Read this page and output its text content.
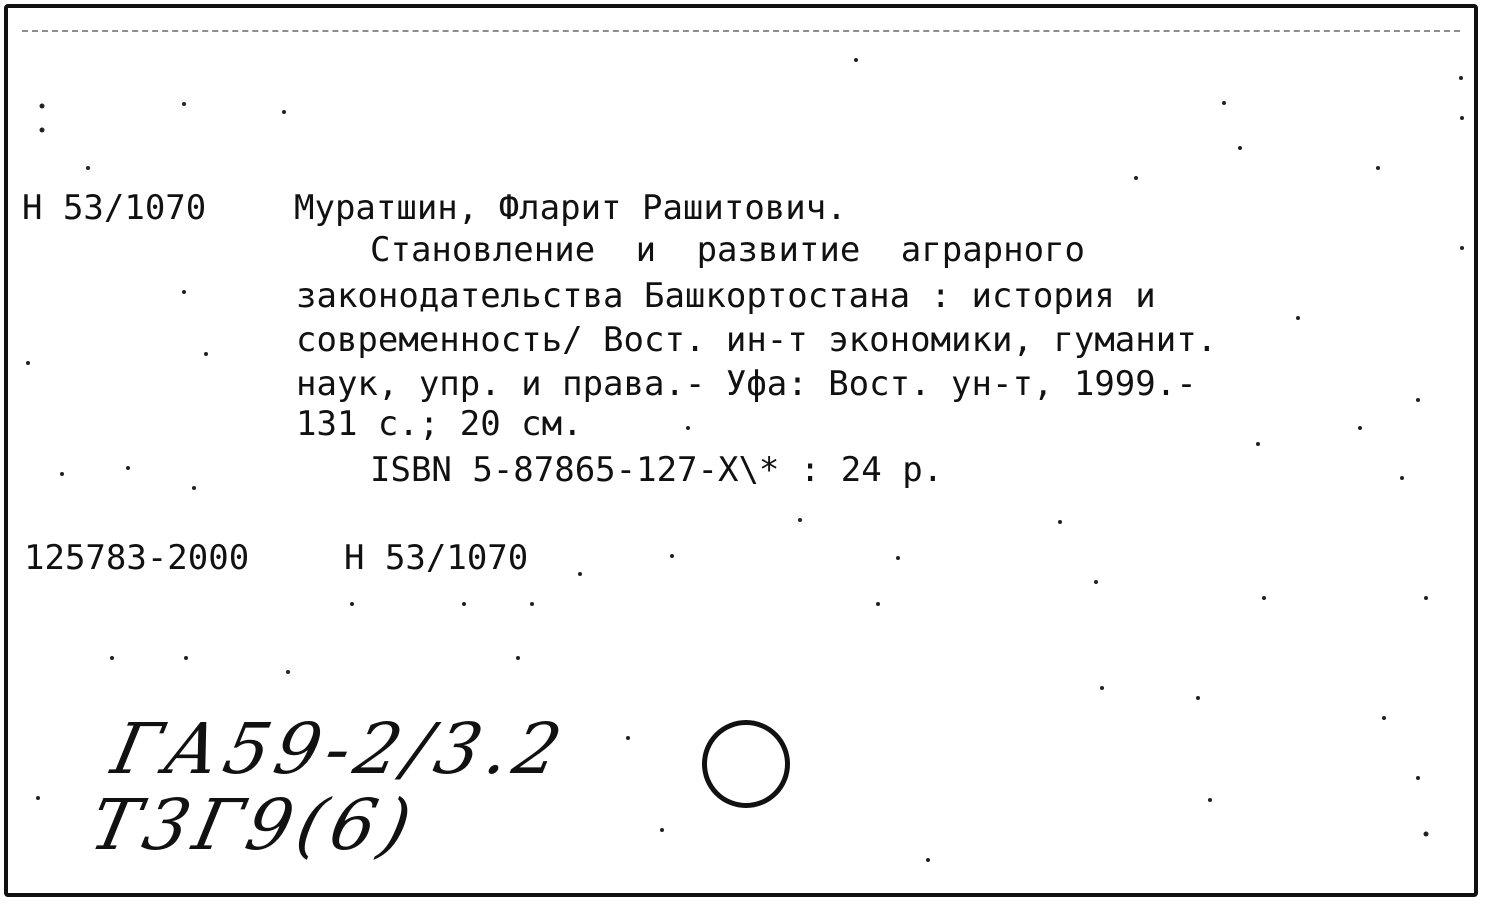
H 53/1070	Муратшин, Фларит Рашитович.
Становление и развитие аграрного
законодательства Башкортостана : история и
современность/ Вост. ин-т экономики, гуманит.
наук, упр. и права.- Уфа: Вост. ун-т, 1999.-
131 с.; 20 см.
ISBN 5-87865-127-X\* : 24 р.
125783-2000	H 53/1070
ГА59-2/3.2
Т3Г9(6)
